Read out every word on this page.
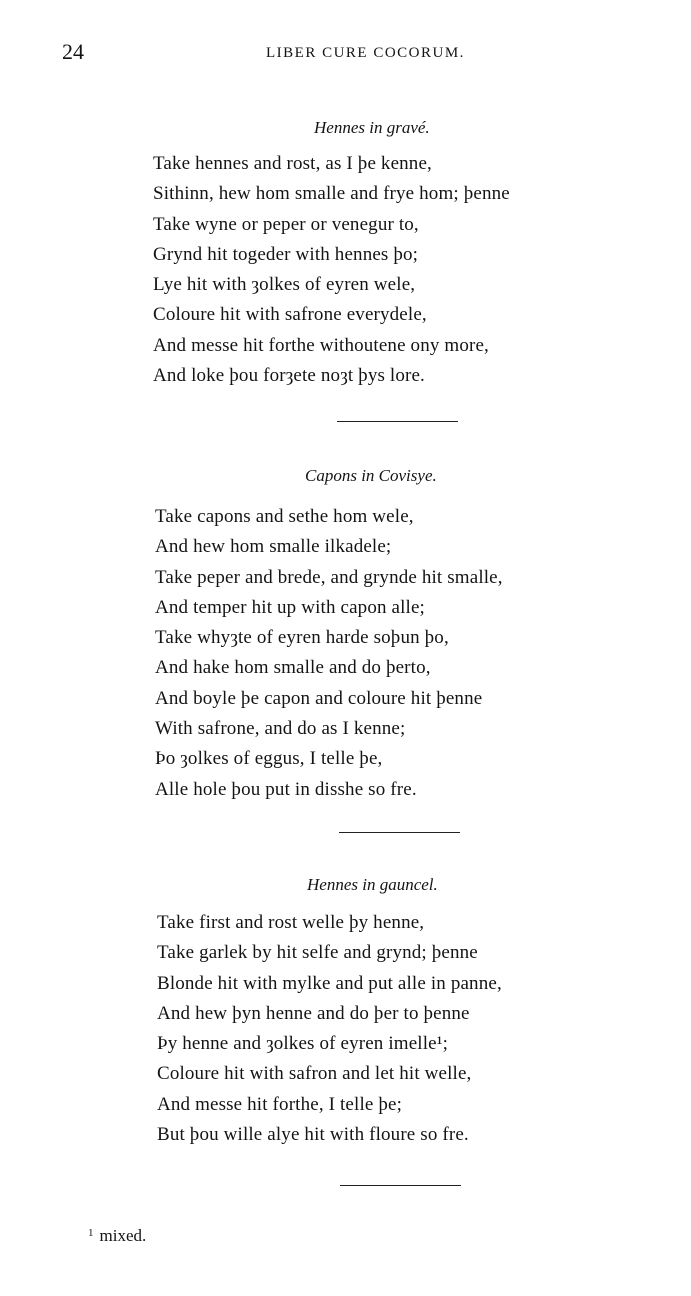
24	LIBER CURE COCORUM.
Hennes in gravé.
Take hennes and rost, as I þe kenne,
Sithinn, hew hom smalle and frye hom; þenne
Take wyne or peper or venegur to,
Grynd hit togeder with hennes þo;
Lye hit with ȝolkes of eyren wele,
Coloure hit with safrone everydele,
And messe hit forthe withoutene ony more,
And loke þou forȝete noȝt þys lore.
Capons in Covisye.
Take capons and sethe hom wele,
And hew hom smalle ilkadele;
Take peper and brede, and grynde hit smalle,
And temper hit up with capon alle;
Take whyȝte of eyren harde soþun þo,
And hake hom smalle and do þerto,
And boyle þe capon and coloure hit þenne
With safrone, and do as I kenne;
Þo ȝolkes of eggus, I telle þe,
Alle hole þou put in disshe so fre.
Hennes in gauncel.
Take first and rost welle þy henne,
Take garlek by hit selfe and grynd; þenne
Blonde hit with mylke and put alle in panne,
And hew þyn henne and do þer to þenne
Þy henne and ȝolkes of eyren imelle¹;
Coloure hit with safron and let hit welle,
And messe hit forthe, I telle þe;
But þou wille alye hit with floure so fre.
$^1$ mixed.
